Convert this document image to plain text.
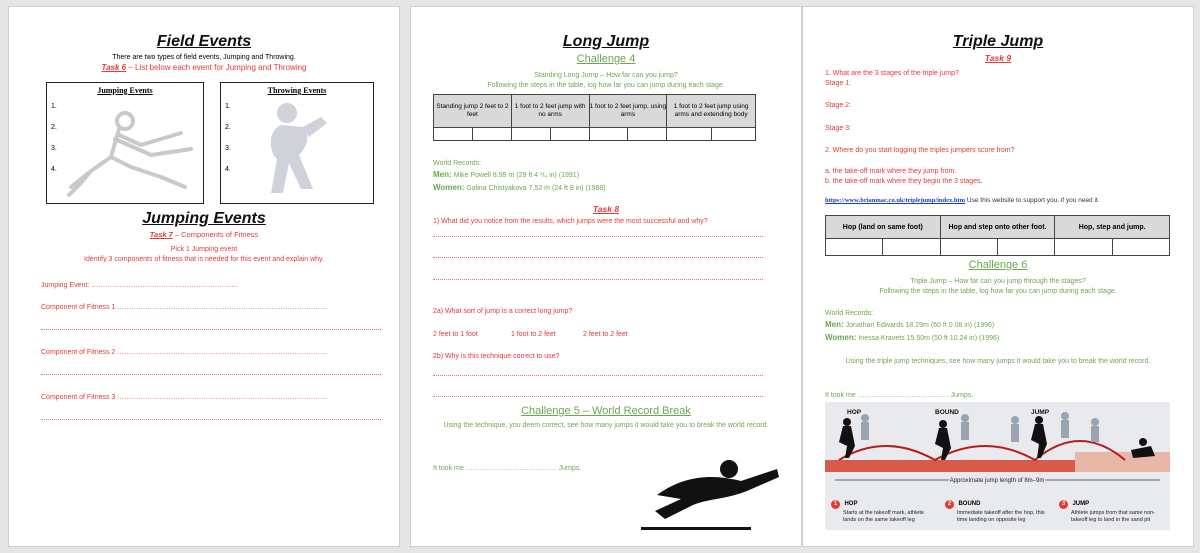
Field Events
There are two types of field events, Jumping and Throwing.
Task 6 – List below each event for Jumping and Throwing
Jumping Events
1.
2.
3.
4.
Throwing Events
1.
2.
3.
4.
Jumping Events
Task 7 – Components of Fitness
Pick 1 Jumping event
Identify 3 components of fitness that is needed for this event and explain why.
Jumping Event: ………………………………………………………
Component of Fitness 1 ………………………………………………………………………………
Component of Fitness 2 ………………………………………………………………………………
Component of Fitness 3 ………………………………………………………………………………
Long Jump
Challenge 4
Standing Long Jump – How far can you jump?
Following the steps in the table, log how far you can jump during each stage.
Standing jump 2 feet to 2 feet		1 foot to 2 feet jump with no arms		1 foot to 2 feet jump, using arms		1 foot to 2 feet jump using arms and extending body	

World Records:
Men: Mike Powell 8.95 m (29 ft 4 ¹/₄ in) (1991)
Women: Galina Chistyakova 7.52 m (24 ft 8 in) (1988)
Task 8
1) What did you notice from the results, which jumps were the most successful and why?
2a) What sort of jump is a correct long jump?
2 feet to 1 foot	1 foot to 2 feet	2 feet to 2 feet
2b) Why is this technique correct to use?
Challenge 5 – World Record Break
Using the technique, you deem correct, see how many jumps it would take you to break the world record.
It took me ………………………………… Jumps.
Triple Jump
Task 9
1. What are the 3 stages of the triple jump?
Stage 1:
Stage 2:
Stage 3:
2. Where do you start logging the triples jumpers score from?
a. the take-off mark where they jump from.
b. the take-off mark where they begin the 3 stages.
https://www.brianmac.co.uk/triplejump/index.htm Use this website to support you, if you need it.
Hop (land on same foot)		Hop and step onto other foot.		Hop, step and jump.	

Challenge 6
Triple Jump – How far can you jump through the stages?
Following the steps in the table, log how far you can jump during each stage.
World Records:
Men: Jonathan Edwards 18.29m (60 ft 0.08 in) (1996)
Women: Inessa Kravets 15.50m (50 ft 10.24 in) (1996)
Using the triple jump techniques, see how many jumps it would take you to break the world record.
It took me ………………………………… Jumps.
HOP	BOUND	JUMP
Approximate jump length of 8m–9m
1 HOP
Starts at the takeoff mark, athlete lands on the same takeoff leg
2 BOUND
Immediate takeoff after the hop, this time landing on opposite leg
3 JUMP
Athlete jumps from that same non-takeoff leg to land in the sand pit
